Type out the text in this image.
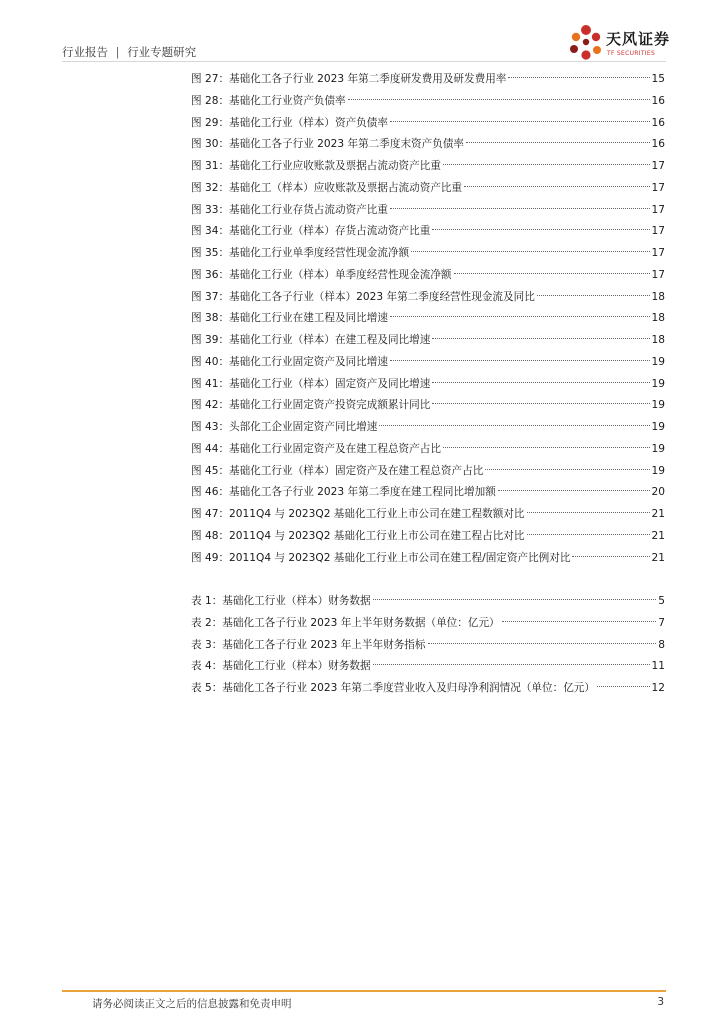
行业报告 | 行业专题研究
天风证券
TF SECURITIES
图 27：基础化工各子行业 2023 年第二季度研发费用及研发费用率	15
图 28：基础化工行业资产负债率	16
图 29：基础化工行业（样本）资产负债率	16
图 30：基础化工各子行业 2023 年第二季度末资产负债率	16
图 31：基础化工行业应收账款及票据占流动资产比重	17
图 32：基础化工（样本）应收账款及票据占流动资产比重	17
图 33：基础化工行业存货占流动资产比重	17
图 34：基础化工行业（样本）存货占流动资产比重	17
图 35：基础化工行业单季度经营性现金流净额	17
图 36：基础化工行业（样本）单季度经营性现金流净额	17
图 37：基础化工各子行业（样本）2023 年第二季度经营性现金流及同比	18
图 38：基础化工行业在建工程及同比增速	18
图 39：基础化工行业（样本）在建工程及同比增速	18
图 40：基础化工行业固定资产及同比增速	19
图 41：基础化工行业（样本）固定资产及同比增速	19
图 42：基础化工行业固定资产投资完成额累计同比	19
图 43：头部化工企业固定资产同比增速	19
图 44：基础化工行业固定资产及在建工程总资产占比	19
图 45：基础化工行业（样本）固定资产及在建工程总资产占比	19
图 46：基础化工各子行业 2023 年第二季度在建工程同比增加额	20
图 47：2011Q4 与 2023Q2 基础化工行业上市公司在建工程数额对比	21
图 48：2011Q4 与 2023Q2 基础化工行业上市公司在建工程占比对比	21
图 49：2011Q4 与 2023Q2 基础化工行业上市公司在建工程/固定资产比例对比	21
表 1：基础化工行业（样本）财务数据	5
表 2：基础化工各子行业 2023 年上半年财务数据（单位：亿元）	7
表 3：基础化工各子行业 2023 年上半年财务指标	8
表 4：基础化工行业（样本）财务数据	11
表 5：基础化工各子行业 2023 年第二季度营业收入及归母净利润情况（单位：亿元）	12
请务必阅读正文之后的信息披露和免责申明	3
